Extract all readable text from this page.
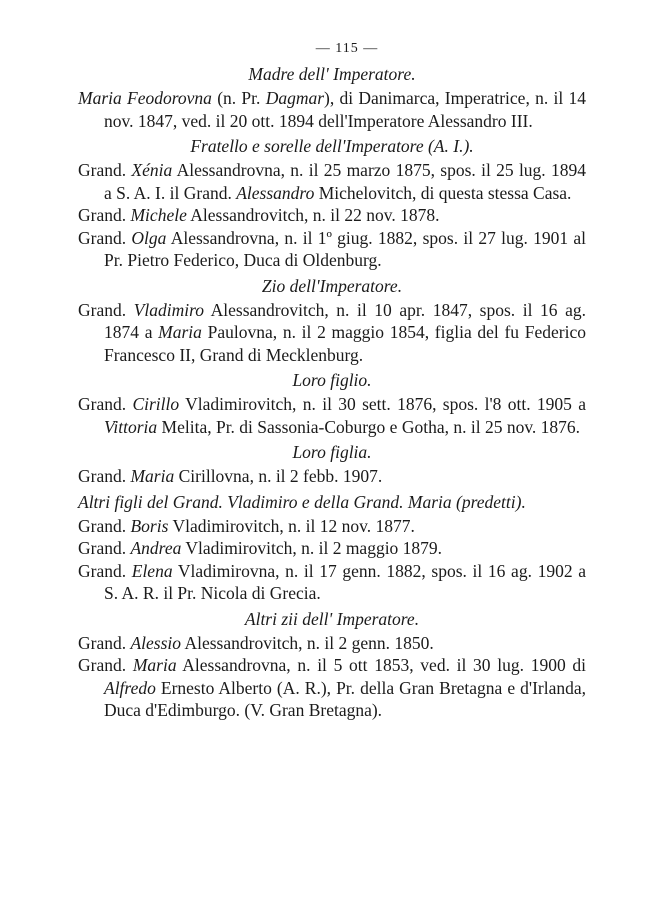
— 115 —
Madre dell' Imperatore.

Maria Feodorovna (n. Pr. Dagmar), di Danimarca, Imperatrice, n. il 14 nov. 1847, ved. il 20 ott. 1894 dell'Imperatore Alessandro III.

Fratello e sorelle dell'Imperatore (A. I.).

Grand. Xénia Alessandrovna, n. il 25 marzo 1875, spos. il 25 lug. 1894 a S. A. I. il Grand. Alessandro Michelovitch, di questa stessa Casa.

Grand. Michele Alessandrovitch, n. il 22 nov. 1878.

Grand. Olga Alessandrovna, n. il 1º giug. 1882, spos. il 27 lug. 1901 al Pr. Pietro Federico, Duca di Oldenburg.

Zio dell'Imperatore.

Grand. Vladimiro Alessandrovitch, n. il 10 apr. 1847, spos. il 16 ag. 1874 a Maria Paulovna, n. il 2 maggio 1854, figlia del fu Federico Francesco II, Grand di Mecklenburg.

Loro figlio.

Grand. Cirillo Vladimirovitch, n. il 30 sett. 1876, spos. l'8 ott. 1905 a Vittoria Melita, Pr. di Sassonia-Coburgo e Gotha, n. il 25 nov. 1876.

Loro figlia.

Grand. Maria Cirillovna, n. il 2 febb. 1907.

Altri figli del Grand. Vladimiro e della Grand. Maria (predetti).

Grand. Boris Vladimirovitch, n. il 12 nov. 1877.

Grand. Andrea Vladimirovitch, n. il 2 maggio 1879.

Grand. Elena Vladimirovna, n. il 17 genn. 1882, spos. il 16 ag. 1902 a S. A. R. il Pr. Nicola di Grecia.

Altri zii dell' Imperatore.

Grand. Alessio Alessandrovitch, n. il 2 genn. 1850.

Grand. Maria Alessandrovna, n. il 5 ott 1853, ved. il 30 lug. 1900 di Alfredo Ernesto Alberto (A. R.), Pr. della Gran Bretagna e d'Irlanda, Duca d'Edimburgo. (V. Gran Bretagna).
